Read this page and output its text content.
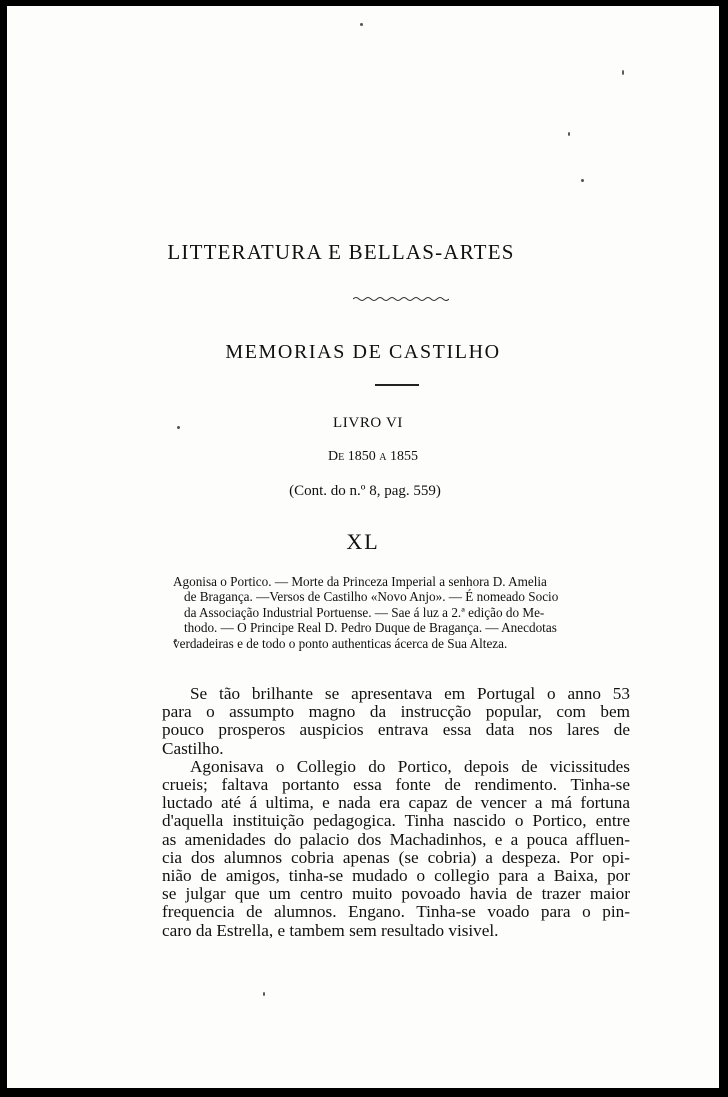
LITTERATURA E BELLAS-ARTES
MEMORIAS DE CASTILHO
LIVRO VI
De 1850 a 1855
(Cont. do n.º 8, pag. 559)
XL
Agonisa o Portico. — Morte da Princeza Imperial a senhora D. Amelia
de Bragança. —Versos de Castilho «Novo Anjo». — É nomeado Socio
da Associação Industrial Portuense. — Sae á luz a 2.ª edição do Me-
thodo. — O Principe Real D. Pedro Duque de Bragança. — Anecdotas
verdadeiras e de todo o ponto authenticas ácerca de Sua Alteza.
Se tão brilhante se apresentava em Portugal o anno 53
para o assumpto magno da instrucção popular, com bem
pouco prosperos auspicios entrava essa data nos lares de
Castilho.
Agonisava o Collegio do Portico, depois de vicissitudes
crueis; faltava portanto essa fonte de rendimento. Tinha-se
luctado até á ultima, e nada era capaz de vencer a má fortuna
d'aquella instituição pedagogica. Tinha nascido o Portico, entre
as amenidades do palacio dos Machadinhos, e a pouca affluen-
cia dos alumnos cobria apenas (se cobria) a despeza. Por opi-
nião de amigos, tinha-se mudado o collegio para a Baixa, por
se julgar que um centro muito povoado havia de trazer maior
frequencia de alumnos. Engano. Tinha-se voado para o pin-
caro da Estrella, e tambem sem resultado visivel.
